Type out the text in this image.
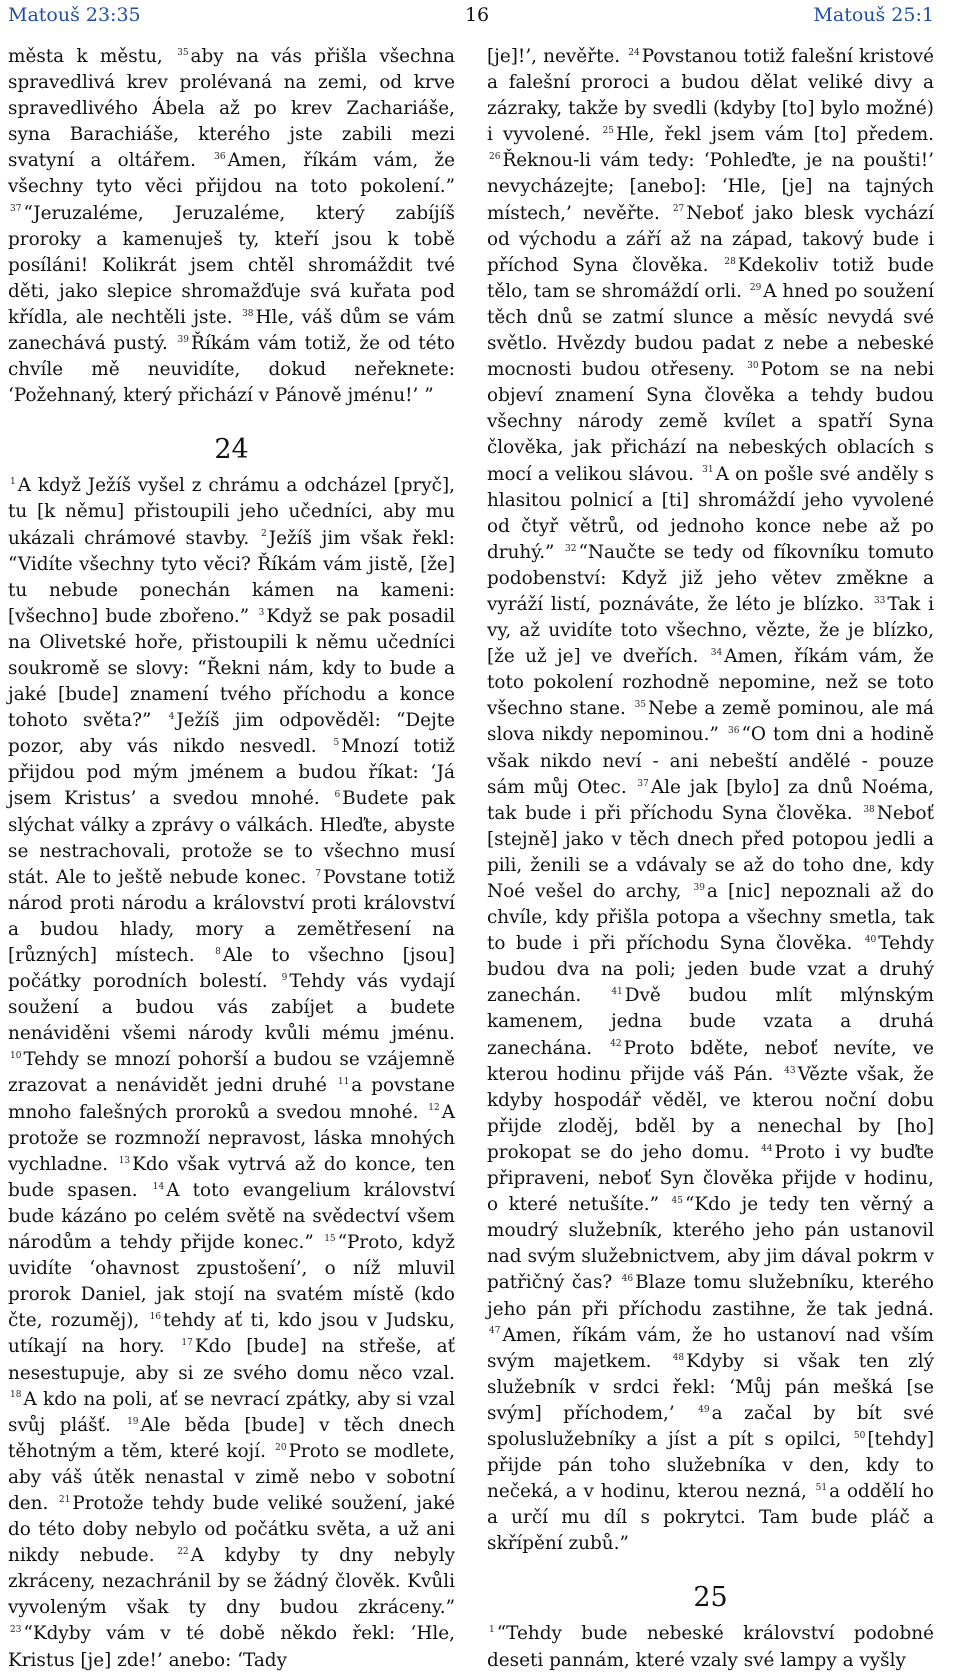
Matouš 23:35	16	Matouš 25:1

města k městu, $^{35}$ aby na vás přišla všechna spravedlivá krev prolévaná na zemi, od krve spravedlivého Ábela až po krev Zachariáše, syna Barachiáše, kterého jste zabili mezi svatyní a oltářem. $^{36}$ Amen, říkám vám, že všechny tyto věci přijdou na toto pokolení.” $^{37}$ “Jeruzaléme, Jeruzaléme, který zabíjíš proroky a kamenuješ ty, kteří jsou k tobě posíláni! Kolikrát jsem chtěl shromáždit tvé děti, jako slepice shromažďuje svá kuřata pod křídla, ale nechtěli jste. $^{38}$ Hle, váš dům se vám zanechává pustý. $^{39}$ Říkám vám totiž, že od této chvíle mě neuvidíte, dokud neřeknete: ‘Požehnaný, který přichází v Pánově jménu!’ ”

24

$^1$ A když Ježíš vyšel z chrámu a odcházel [pryč], tu [k němu] přistoupili jeho učedníci, aby mu ukázali chrámové stavby. $^2$ Ježíš jim však řekl: “Vidíte všechny tyto věci? Říkám vám jistě, [že] tu nebude ponechán kámen na kameni: [všechno] bude zbořeno.” $^3$ Když se pak posadil na Olivetské hoře, přistoupili k němu učedníci soukromě se slovy: “Řekni nám, kdy to bude a jaké [bude] znamení tvého příchodu a konce tohoto světa?” $^4$ Ježíš jim odpověděl: “Dejte pozor, aby vás nikdo nesvedl. $^5$ Mnozí totiž přijdou pod mým jménem a budou říkat: ‘Já jsem Kristus’ a svedou mnohé. $^6$ Budete pak slýchat války a zprávy o válkách. Hleďte, abyste se nestrachovali, protože se to všechno musí stát. Ale to ještě nebude konec. $^7$ Povstane totiž národ proti národu a království proti království a budou hlady, mory a zemětřesení na [různých] místech. $^8$ Ale to všechno [jsou] počátky porodních bolestí. $^9$ Tehdy vás vydají soužení a budou vás zabíjet a budete nenáviděni všemi národy kvůli mému jménu. $^{10}$ Tehdy se mnozí pohorší a budou se vzájemně zrazovat a nenávidět jedni druhé $^{11}$ a povstane mnoho falešných proroků a svedou mnohé. $^{12}$ A protože se rozmnoží nepravost, láska mnohých vychladne. $^{13}$ Kdo však vytrvá až do konce, ten bude spasen. $^{14}$ A toto evangelium království bude kázáno po celém světě na svědectví všem národům a tehdy přijde konec.” $^{15}$ “Proto, když uvidíte ‘ohavnost zpustošení’, o níž mluvil prorok Daniel, jak stojí na svatém místě (kdo čte, rozuměj), $^{16}$ tehdy ať ti, kdo jsou v Judsku, utíkají na hory. $^{17}$ Kdo [bude] na střeše, ať nesestupuje, aby si ze svého domu něco vzal. $^{18}$ A kdo na poli, ať se nevrací zpátky, aby si vzal svůj plášť. $^{19}$ Ale běda [bude] v těch dnech těhotným a těm, které kojí. $^{20}$ Proto se modlete, aby váš útěk nenastal v zimě nebo v sobotní den. $^{21}$ Protože tehdy bude veliké soužení, jaké do této doby nebylo od počátku světa, a už ani nikdy nebude.	$^{22}$ A kdyby ty dny nebyly zkráceny, nezachránil by se žádný člověk. Kvůli vyvoleným však ty dny budou zkráceny.” $^{23}$ “Kdyby vám v té době někdo řekl: ‘Hle, Kristus [je] zde!’ anebo: ‘Tady

[je]!’, nevěřte. $^{24}$ Povstanou totiž falešní kristové a falešní proroci a budou dělat veliké divy a zázraky, takže by svedli (kdyby [to] bylo možné) i vyvolené. $^{25}$ Hle, řekl jsem vám [to] předem. $^{26}$ Řeknou-li vám tedy: ‘Pohleďte, je na poušti!’ nevycházejte; [anebo]: ‘Hle, [je] na tajných místech,’ nevěřte. $^{27}$ Neboť jako blesk vychází od východu a září až na západ, takový bude i příchod Syna člověka. $^{28}$ Kdekoliv totiž bude tělo, tam se shromáždí orli. $^{29}$ A hned po soužení těch dnů se zatmí slunce a měsíc nevydá své světlo. Hvězdy budou padat z nebe a nebeské mocnosti budou otřeseny. $^{30}$ Potom se na nebi objeví znamení Syna člověka a tehdy budou všechny národy země kvílet a spatří Syna člověka, jak přichází na nebeských oblacích s mocí a velikou slávou. $^{31}$ A on pošle své anděly s hlasitou polnicí a [ti] shromáždí jeho vyvolené od čtyř větrů, od jednoho konce nebe až po druhý.” $^{32}$ “Naučte se tedy od fíkovníku tomuto podobenství: Když již jeho větev změkne a vyráží listí, poznáváte, že léto je blízko. $^{33}$ Tak i vy, až uvidíte toto všechno, vězte, že je blízko, [že už je] ve dveřích. $^{34}$ Amen, říkám vám, že toto pokolení rozhodně nepomine, než se toto všechno stane. $^{35}$ Nebe a země pominou, ale má slova nikdy nepominou.” $^{36}$ “O tom dni a hodině však nikdo neví - ani nebeští andělé - pouze sám můj Otec. $^{37}$ Ale jak [bylo] za dnů Noéma, tak bude i při příchodu Syna člověka. $^{38}$ Neboť [stejně] jako v těch dnech před potopou jedli a pili, ženili se a vdávaly se až do toho dne, kdy Noé vešel do archy, $^{39}$ a [nic] nepoznali až do chvíle, kdy přišla potopa a všechny smetla, tak to bude i při příchodu Syna člověka. $^{40}$ Tehdy budou dva na poli; jeden bude vzat a druhý zanechán.	$^{41}$ Dvě budou mlít mlýnským kamenem, jedna bude vzata a druhá zanechána. $^{42}$ Proto bděte, neboť nevíte, ve kterou hodinu přijde váš Pán. $^{43}$ Vězte však, že kdyby hospodář věděl, ve kterou noční dobu přijde zloděj, bděl by a nenechal by [ho] prokopat se do jeho domu. $^{44}$ Proto i vy buďte připraveni, neboť Syn člověka přijde v hodinu, o které netušíte.” $^{45}$ “Kdo je tedy ten věrný a moudrý služebník, kterého jeho pán ustanovil nad svým služebnictvem, aby jim dával pokrm v patřičný čas? $^{46}$ Blaze tomu služebníku, kterého jeho pán při příchodu zastihne, že tak jedná. $^{47}$ Amen, říkám vám, že ho ustanoví nad vším svým majetkem. $^{48}$ Kdyby si však ten zlý služebník v srdci řekl: ‘Můj pán mešká [se svým] příchodem,’	$^{49}$ a začal by bít své spoluslužebníky a jíst a pít s opilci, $^{50}$ [tehdy] přijde pán toho služebníka v den, kdy to nečeká, a v hodinu, kterou nezná, $^{51}$ a oddělí ho a určí mu díl s pokrytci. Tam bude pláč a skřípění zubů.”

25

$^1$ “Tehdy bude nebeské království podobné deseti pannám, které vzaly své lampy a vyšly
